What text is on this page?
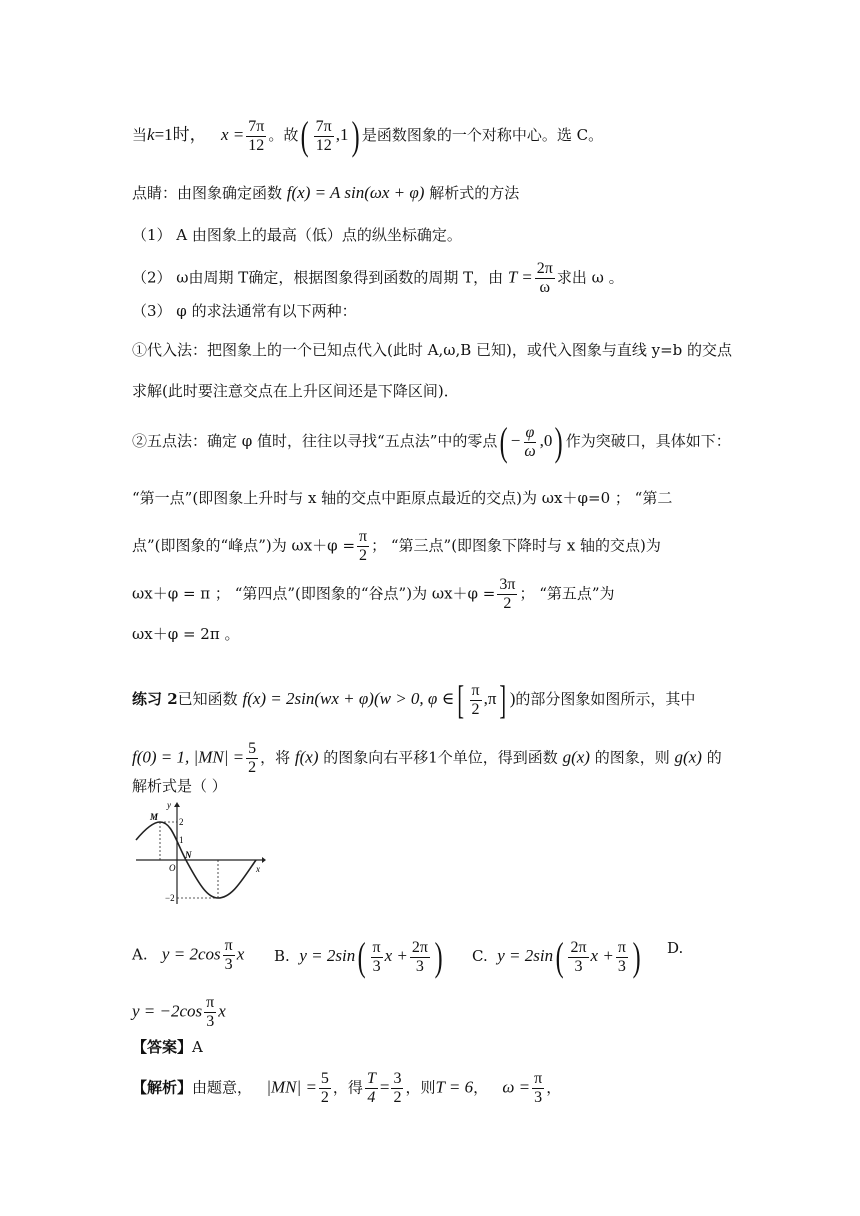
当k=1时， $x = \frac{7\pi}{12}$ 。故( $\frac{7\pi}{12} ,1$) 是函数图象的一个对称中心。选 C。
点睛：由图象确定函数 f(x) = A sin(ωx + φ) 解析式的方法
（1） A 由图象上的最高（低）点的纵坐标确定。
（2） ω由周期 T确定，根据图象得到函数的周期 T，由 $T = \frac{2\pi}{\omega}$ 求出 ω 。
（3） φ 的求法通常有以下两种：
①代入法：把图象上的一个已知点代入(此时 A,ω,B 已知)，或代入图象与直线 y=b 的交点
求解(此时要注意交点在上升区间还是下降区间)．
②五点法：确定 φ 值时，往往以寻找“五点法”中的零点( − $\frac{\varphi}{\omega} ,0$) 作为突破口，具体如下：
“第一点”(即图象上升时与 x 轴的交点中距原点最近的交点)为 ωx＋φ=0 ； “第二
点”(即图象的“峰点”)为 $\omega x+\varphi = \frac{\pi}{2}$ ； “第三点”(即图象下降时与 x 轴的交点)为
ωx＋φ = π ； “第四点”(即图象的“谷点”)为 $\omega x+\varphi = \frac{3\pi}{2}$ ； “第五点”为
ωx＋φ = 2π 。
练习 2已知函数 f(x) = 2sin(wx + φ)(w > 0, φ ∈[ $\frac{\pi}{2} ,\pi$] )的部分图象如图所示，其中
f(0) = 1, $|MN| = \frac{5}{2}$ ，将 f(x) 的图象向右平移1个单位，得到函数 g(x) 的图象，则 g(x) 的
解析式是（ ）
y
x
M
N
O
2
1
−2
A. $y = 2\cos \frac{\pi}{3}$ x B. $y = 2\sin( \frac{\pi}{3}$ $x + \frac{2\pi}{3}$ ) C. $y = 2\sin( \frac{2\pi}{3}$ $x + \frac{\pi}{3}$ ) D.
$y = -2\cos \frac{\pi}{3}$ x
【答案】A
【解析】由题意， $|MN| = \frac{5}{2}$ ，得 $\frac{T}{4} = \frac{3}{2}$ ，则T = 6， $\omega = \frac{\pi}{3}$ ，
